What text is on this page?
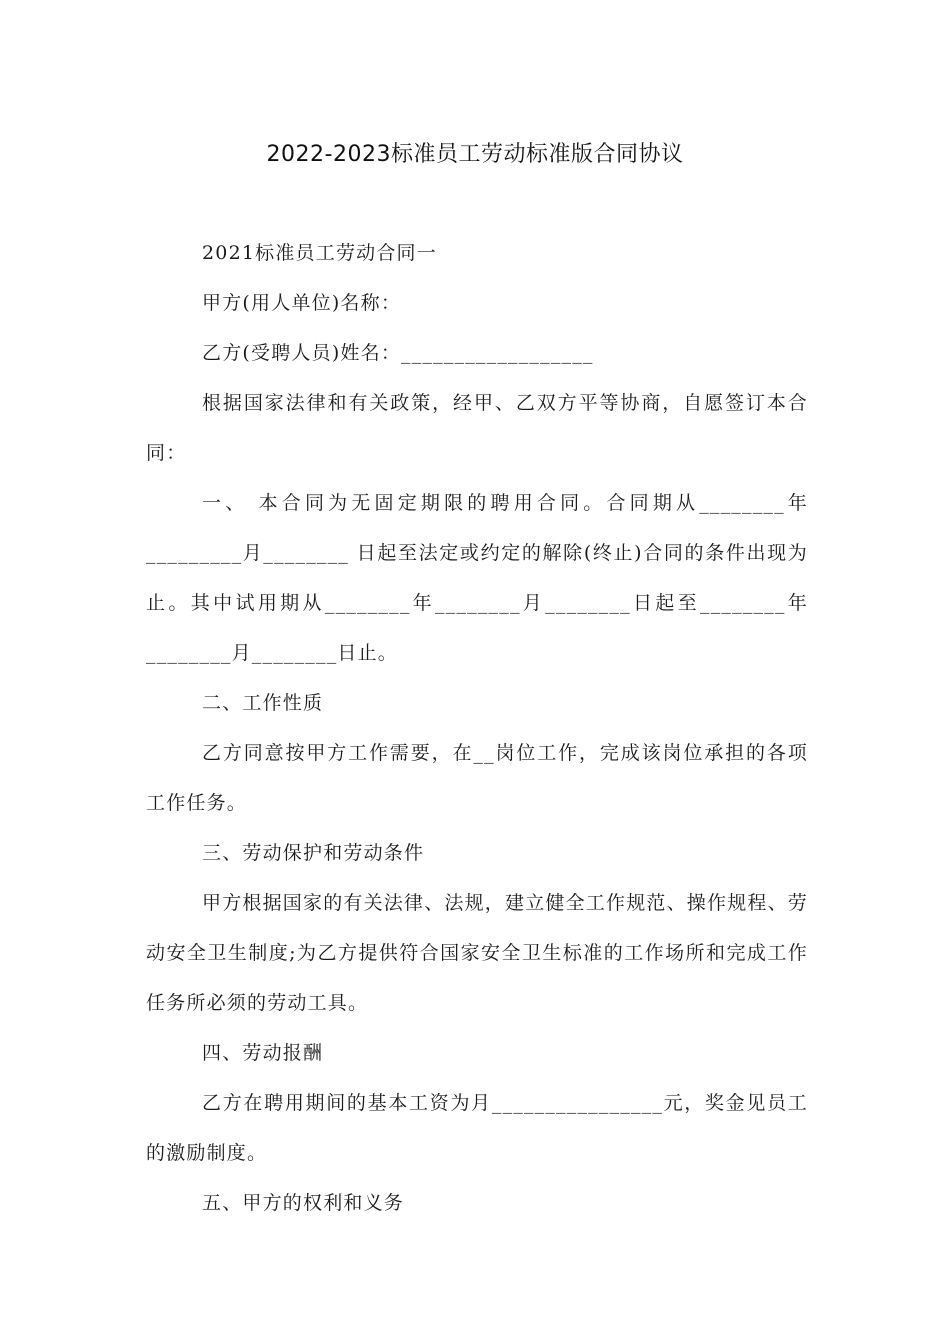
2022-2023标准员工劳动标准版合同协议

2021标准员工劳动合同一

甲方(用人单位)名称：

乙方(受聘人员)姓名：__________________

根据国家法律和有关政策，经甲、乙双方平等协商，自愿签订本合同：

一、 本合同为无固定期限的聘用合同。合同期从________年_________月________ 日起至法定或约定的解除(终止)合同的条件出现为止。其中试用期从________年________月________日起至________年________月________日止。

二、工作性质

乙方同意按甲方工作需要，在__岗位工作，完成该岗位承担的各项工作任务。

三、劳动保护和劳动条件

甲方根据国家的有关法律、法规，建立健全工作规范、操作规程、劳动安全卫生制度;为乙方提供符合国家安全卫生标准的工作场所和完成工作任务所必须的劳动工具。

四、劳动报酬

乙方在聘用期间的基本工资为月________________元，奖金见员工的激励制度。

五、甲方的权利和义务
